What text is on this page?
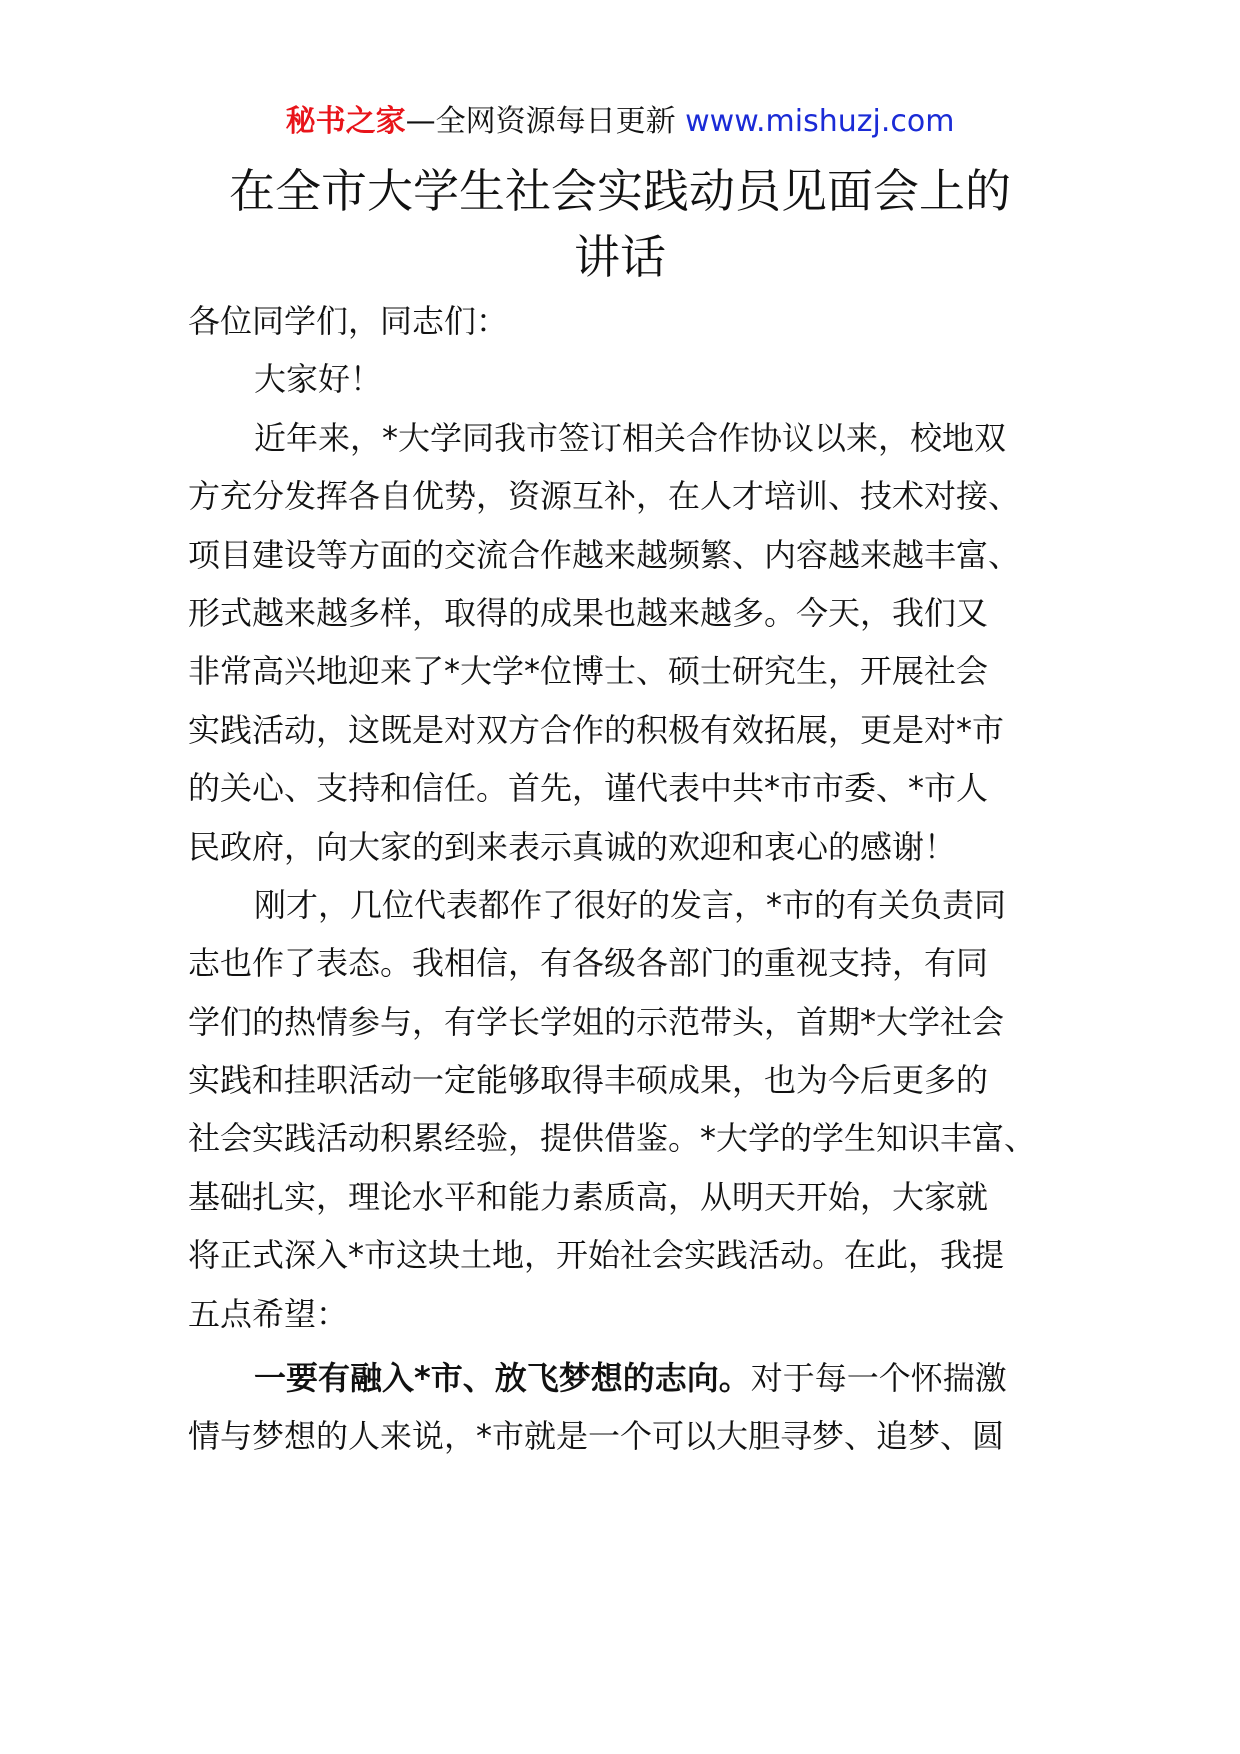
秘书之家—全网资源每日更新 www.mishuzj.com
在全市大学生社会实践动员见面会上的
讲话
各位同学们，同志们：
大家好！
近年来，*大学同我市签订相关合作协议以来，校地双
方充分发挥各自优势，资源互补，在人才培训、技术对接、
项目建设等方面的交流合作越来越频繁、内容越来越丰富、
形式越来越多样，取得的成果也越来越多。今天，我们又
非常高兴地迎来了*大学*位博士、硕士研究生，开展社会
实践活动，这既是对双方合作的积极有效拓展，更是对*市
的关心、支持和信任。首先，谨代表中共*市市委、*市人
民政府，向大家的到来表示真诚的欢迎和衷心的感谢！
刚才，几位代表都作了很好的发言，*市的有关负责同
志也作了表态。我相信，有各级各部门的重视支持，有同
学们的热情参与，有学长学姐的示范带头，首期*大学社会
实践和挂职活动一定能够取得丰硕成果，也为今后更多的
社会实践活动积累经验，提供借鉴。*大学的学生知识丰富、
基础扎实，理论水平和能力素质高，从明天开始，大家就
将正式深入*市这块土地，开始社会实践活动。在此，我提
五点希望：
一要有融入*市、放飞梦想的志向。对于每一个怀揣激
情与梦想的人来说，*市就是一个可以大胆寻梦、追梦、圆
